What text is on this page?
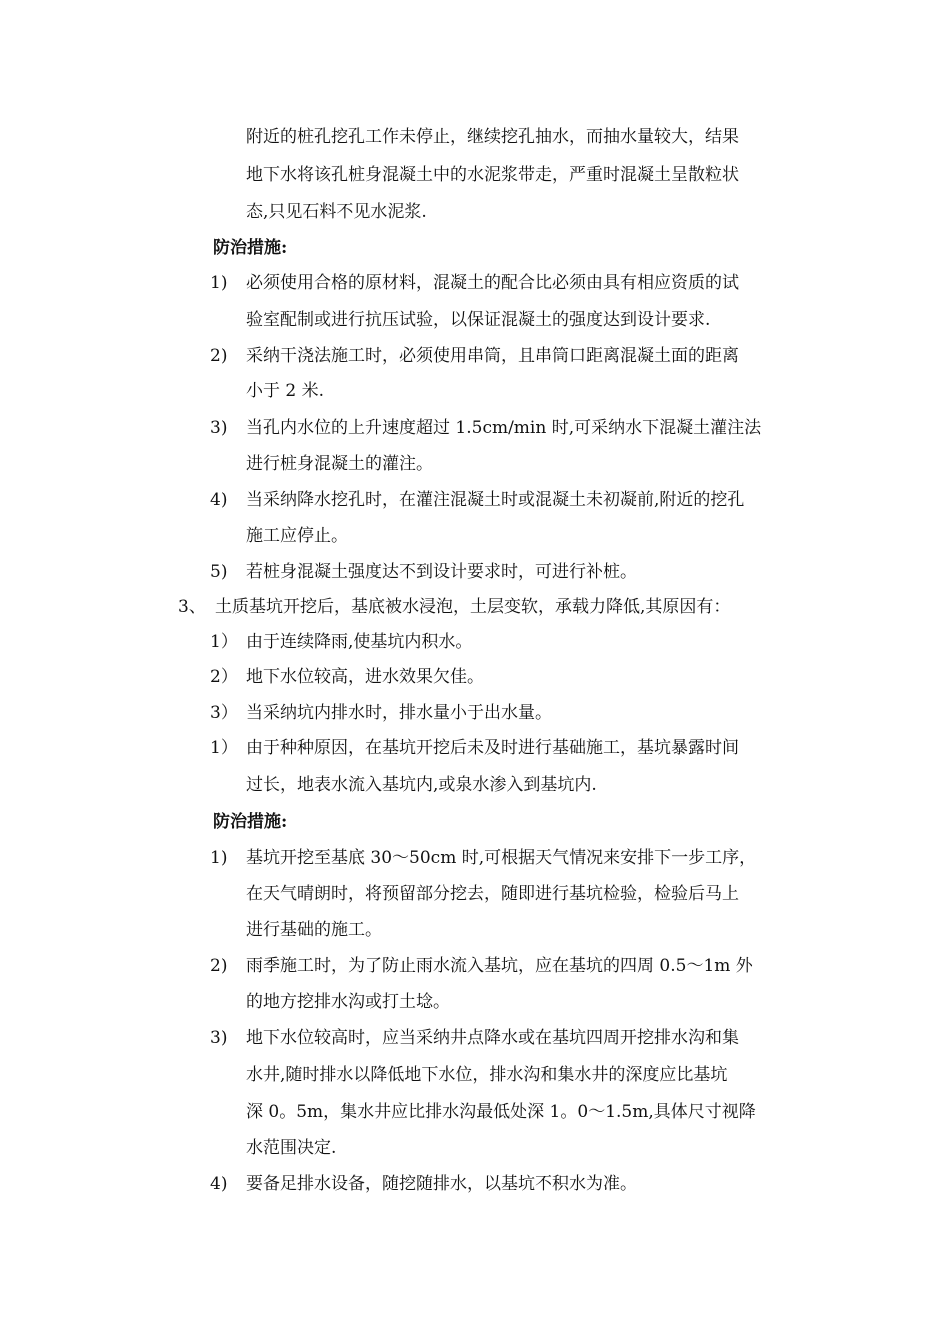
附近的桩孔挖孔工作未停止，继续挖孔抽水，而抽水量较大，结果
地下水将该孔桩身混凝土中的水泥浆带走，严重时混凝土呈散粒状
态,只见石料不见水泥浆.
防治措施:
1) 必须使用合格的原材料，混凝土的配合比必须由具有相应资质的试
验室配制或进行抗压试验，以保证混凝土的强度达到设计要求.
2) 采纳干浇法施工时，必须使用串筒，且串筒口距离混凝土面的距离
小于 2 米.
3) 当孔内水位的上升速度超过 1.5cm/min 时,可采纳水下混凝土灌注法
进行桩身混凝土的灌注。
4) 当采纳降水挖孔时，在灌注混凝土时或混凝土未初凝前,附近的挖孔
施工应停止。
5) 若桩身混凝土强度达不到设计要求时，可进行补桩。
3、 土质基坑开挖后，基底被水浸泡，土层变软，承载力降低,其原因有：
1） 由于连续降雨,使基坑内积水。
2） 地下水位较高，进水效果欠佳。
3） 当采纳坑内排水时，排水量小于出水量。
1） 由于种种原因，在基坑开挖后未及时进行基础施工，基坑暴露时间
过长，地表水流入基坑内,或泉水渗入到基坑内.
防治措施:
1) 基坑开挖至基底 30～50cm 时,可根据天气情况来安排下一步工序，
在天气晴朗时，将预留部分挖去，随即进行基坑检验，检验后马上
进行基础的施工。
2) 雨季施工时，为了防止雨水流入基坑，应在基坑的四周 0.5～1m 外
的地方挖排水沟或打土埝。
3) 地下水位较高时，应当采纳井点降水或在基坑四周开挖排水沟和集
水井,随时排水以降低地下水位，排水沟和集水井的深度应比基坑
深 0。5m，集水井应比排水沟最低处深 1。0～1.5m,具体尺寸视降
水范围决定.
4) 要备足排水设备，随挖随排水，以基坑不积水为准。
